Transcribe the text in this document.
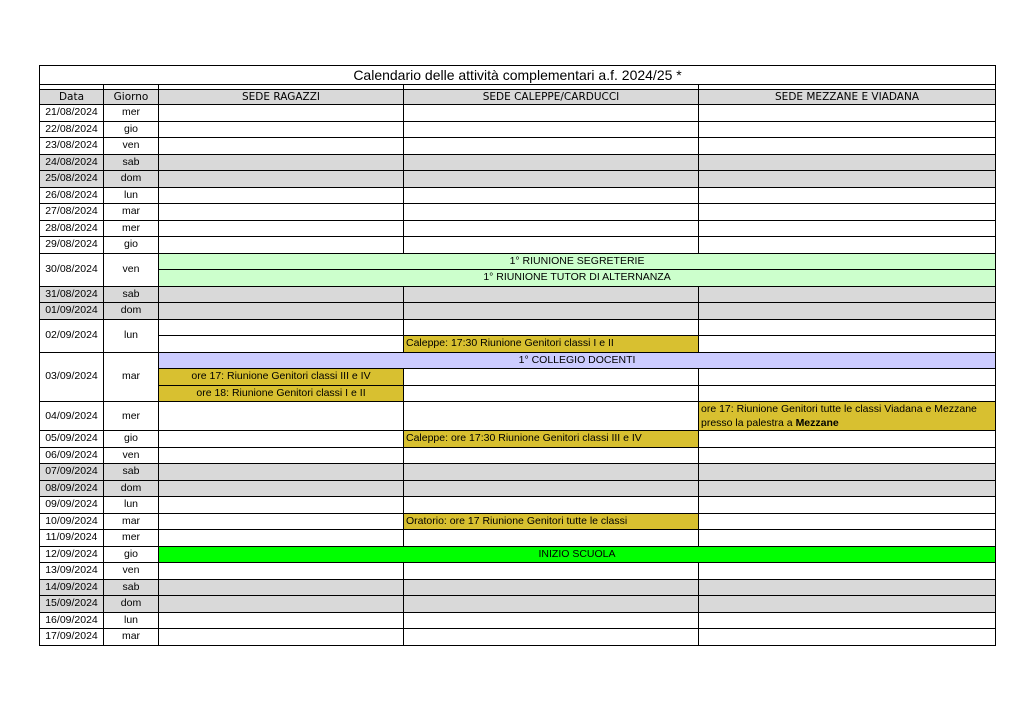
Calendario delle attività complementari a.f. 2024/25 *				

Data	Giorno	SEDE RAGAZZI	SEDE CALEPPE/CARDUCCI	SEDE MEZZANE E VIADANA
21/08/2024	mer			
22/08/2024	gio			
23/08/2024	ven			
24/08/2024	sab			
25/08/2024	dom			
26/08/2024	lun			
27/08/2024	mar			
28/08/2024	mer			
29/08/2024	gio			
30/08/2024	ven	1° RIUNIONE SEGRETERIE		
		1° RIUNIONE TUTOR DI ALTERNANZA		
31/08/2024	sab			
01/09/2024	dom			
02/09/2024	lun			
			Caleppe: 17:30 Riunione Genitori classi I e II	
03/09/2024	mar	1° COLLEGIO DOCENTI		
		ore 17: Riunione Genitori classi III e IV		
		ore 18: Riunione Genitori classi I e II		
04/09/2024	mer			ore 17: Riunione Genitori tutte le classi Viadana e Mezzane
presso la palestra a Mezzane
05/09/2024	gio		Caleppe: ore 17:30 Riunione Genitori classi III e IV	
06/09/2024	ven			
07/09/2024	sab			
08/09/2024	dom			
09/09/2024	lun			
10/09/2024	mar		Oratorio: ore 17 Riunione Genitori tutte le classi	
11/09/2024	mer			
12/09/2024	gio	INIZIO SCUOLA		
13/09/2024	ven			
14/09/2024	sab			
15/09/2024	dom			
16/09/2024	lun			
17/09/2024	mar			
